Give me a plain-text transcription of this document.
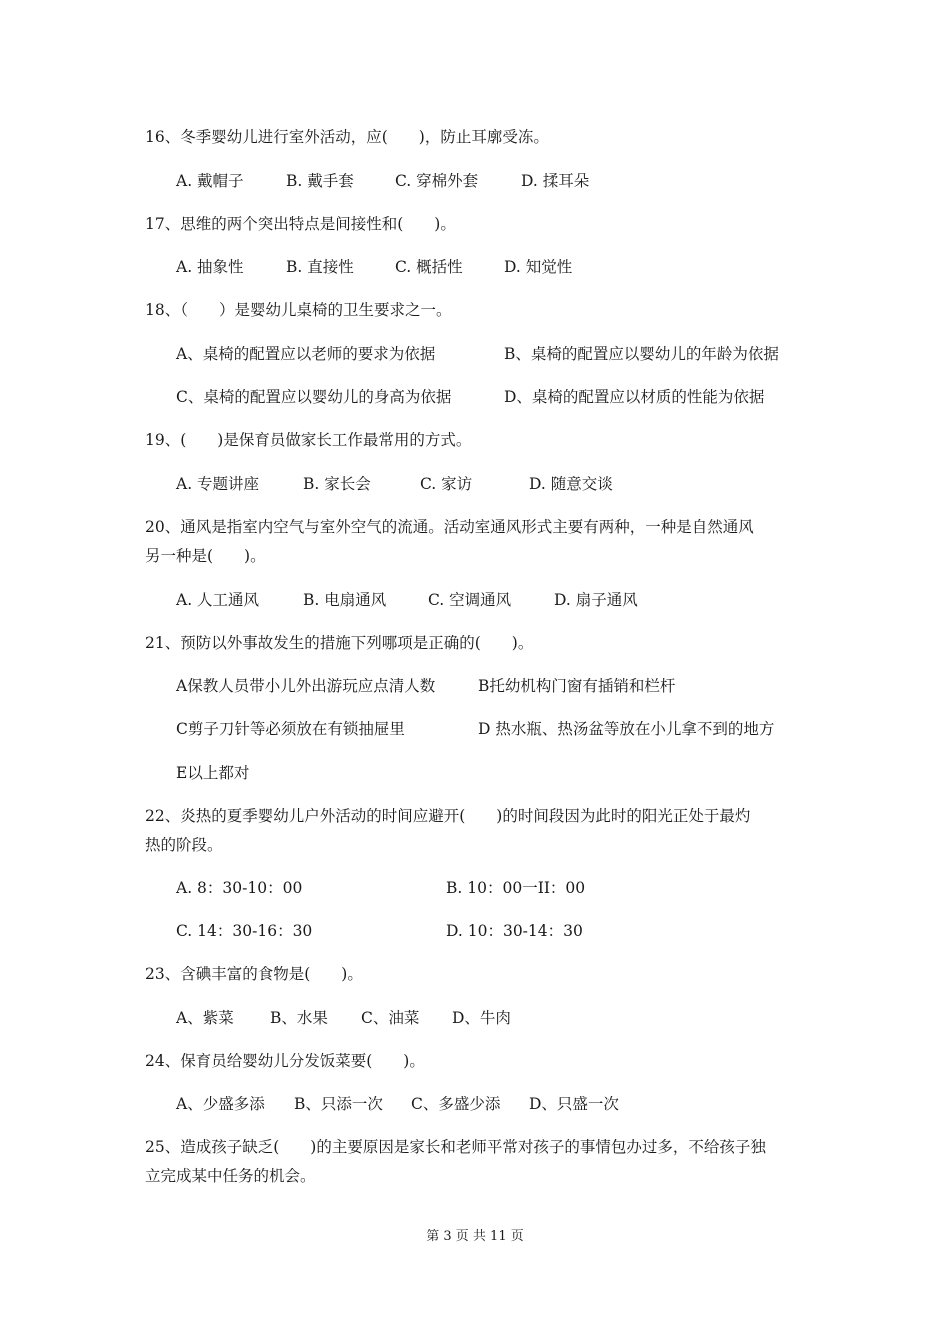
16、冬季婴幼儿进行室外活动，应(　　)，防止耳廓受冻。
A. 戴帽子	B. 戴手套	C. 穿棉外套	D. 揉耳朵
17、思维的两个突出特点是间接性和(　　)。
A. 抽象性	B. 直接性	C. 概括性	D. 知觉性
18、（　　）是婴幼儿桌椅的卫生要求之一。
A、桌椅的配置应以老师的要求为依据	B、桌椅的配置应以婴幼儿的年龄为依据
C、桌椅的配置应以婴幼儿的身高为依据	D、桌椅的配置应以材质的性能为依据
19、(　　)是保育员做家长工作最常用的方式。
A. 专题讲座	B. 家长会	C. 家访	D. 随意交谈
20、通风是指室内空气与室外空气的流通。活动室通风形式主要有两种，一种是自然通风
另一种是(　　)。
A. 人工通风	B. 电扇通风	C. 空调通风	D. 扇子通风
21、预防以外事故发生的措施下列哪项是正确的(　　)。
A保教人员带小儿外出游玩应点清人数	B托幼机构门窗有插销和栏杆
C剪子刀针等必须放在有锁抽屉里	D 热水瓶、热汤盆等放在小儿拿不到的地方
E以上都对
22、炎热的夏季婴幼儿户外活动的时间应避开(　　)的时间段因为此时的阳光正处于最灼
热的阶段。
A. 8：30-10：00	B. 10：00一II：00
C. 14：30-16：30	D. 10：30-14：30
23、含碘丰富的食物是(　　)。
A、紫菜 B、水果 C、油菜 D、牛肉
24、保育员给婴幼儿分发饭菜要(　　)。
A、少盛多添 B、只添一次 C、多盛少添 D、只盛一次
25、造成孩子缺乏(　　)的主要原因是家长和老师平常对孩子的事情包办过多，不给孩子独
立完成某中任务的机会。
第 3 页 共 11 页
